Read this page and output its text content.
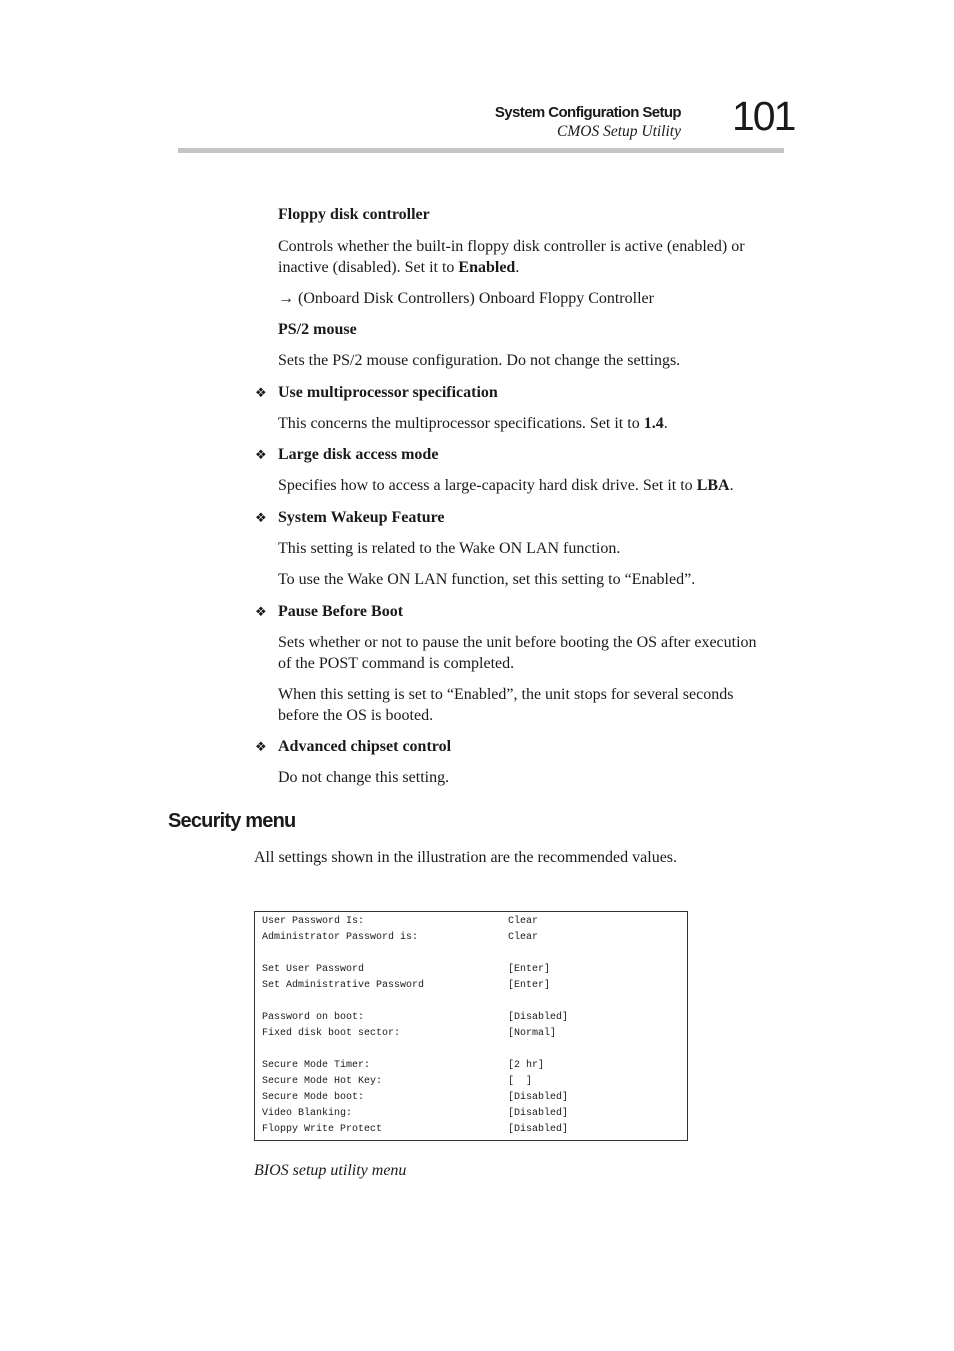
System Configuration Setup
CMOS Setup Utility 101
Floppy disk controller
Controls whether the built-in floppy disk controller is active (enabled) or
inactive (disabled). Set it to Enabled.
→ (Onboard Disk Controllers) Onboard Floppy Controller
PS/2 mouse
Sets the PS/2 mouse configuration. Do not change the settings.
❖ Use multiprocessor specification
This concerns the multiprocessor specifications. Set it to 1.4.
❖ Large disk access mode
Specifies how to access a large-capacity hard disk drive. Set it to LBA.
❖ System Wakeup Feature
This setting is related to the Wake ON LAN function.
To use the Wake ON LAN function, set this setting to “Enabled”.
❖ Pause Before Boot
Sets whether or not to pause the unit before booting the OS after execution
of the POST command is completed.
When this setting is set to “Enabled”, the unit stops for several seconds
before the OS is booted.
❖ Advanced chipset control
Do not change this setting.
Security menu
All settings shown in the illustration are the recommended values.
User Password Is:	Clear
Administrator Password is:	Clear
Set User Password	[Enter]
Set Administrative Password	[Enter]
Password on boot:	[Disabled]
Fixed disk boot sector:	[Normal]
Secure Mode Timer:	[2 hr]
Secure Mode Hot Key:	[  ]
Secure Mode boot:	[Disabled]
Video Blanking:	[Disabled]
Floppy Write Protect	[Disabled]
BIOS setup utility menu
